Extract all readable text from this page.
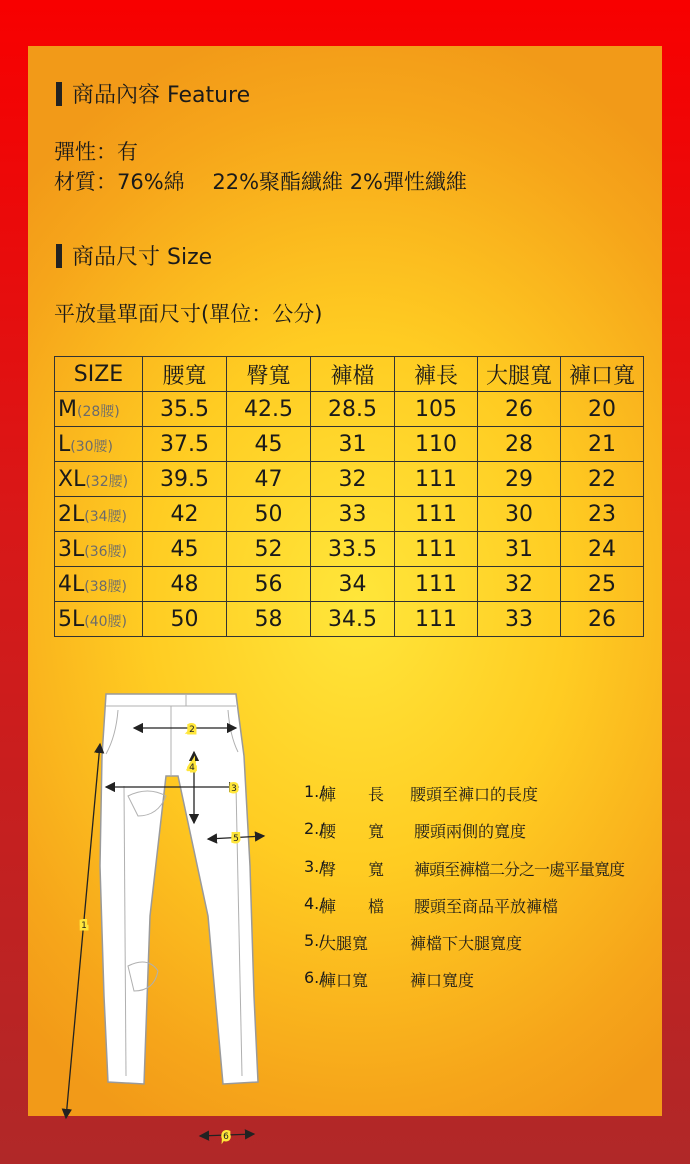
商品內容 Feature
彈性：有
材質：76%綿　 22%聚酯纖維 2%彈性纖維
商品尺寸 Size
平放量單面尺寸(單位：公分)
SIZE	腰寬	臀寬	褲檔	褲長	大腿寬	褲口寬
M(28腰)	35.5	42.5	28.5	105	26	20
L(30腰)	37.5	45	31	110	28	21
XL(32腰)	39.5	47	32	111	29	22
2L(34腰)	42	50	33	111	30	23
3L(36腰)	45	52	33.5	111	31	24
4L(38腰)	48	56	34	111	32	25
5L(40腰)	50	58	34.5	111	33	26
2
3
4
5
1
6
1./
褲　　長 腰頭至褲口的長度
2./
腰　　寬 腰頭兩側的寬度
3./
臀　　寬 褲頭至褲檔二分之一處平量寬度
4./
褲　　檔 腰頭至商品平放褲檔
5./
大腿寬	褲檔下大腿寬度
6./
褲口寬	褲口寬度
